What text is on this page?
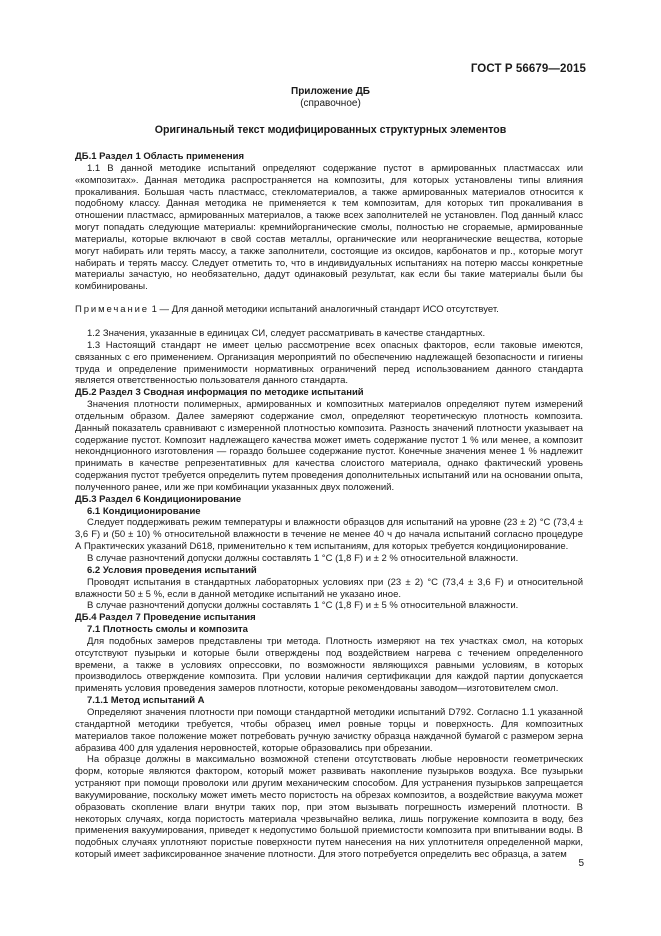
ГОСТ Р 56679—2015
Приложение ДБ
(справочное)
Оригинальный текст модифицированных структурных элементов

ДБ.1 Раздел 1 Область применения

1.1 В данной методике испытаний определяют содержание пустот в армированных пластмассах или «композитах». Данная методика распространяется на композиты, для которых установлены типы влияния прокаливания. Большая часть пластмасс, стекломатериалов, а также армированных материалов относится к подобному классу. Данная методика не применяется к тем композитам, для которых тип прокаливания в отношении пластмасс, армированных материалов, а также всех заполнителей не установлен. Под данный класс могут попадать следующие материалы: кремнийорганические смолы, полностью не сгораемые, армированные материалы, которые включают в свой состав металлы, органические или неорганические вещества, которые могут набирать или терять массу, а также заполнители, состоящие из оксидов, карбонатов и пр., которые могут набирать и терять массу. Следует отметить то, что в индивидуальных испытаниях на потерю массы конкретные материалы зачастую, но необязательно, дадут одинаковый результат, как если бы такие материалы были бы комбинированы.

Примечание 1 — Для данной методики испытаний аналогичный стандарт ИСО отсутствует.

1.2 Значения, указанные в единицах СИ, следует рассматривать в качестве стандартных.

1.3 Настоящий стандарт не имеет целью рассмотрение всех опасных факторов, если таковые имеются, связанных с его применением. Организация мероприятий по обеспечению надлежащей безопасности и гигиены труда и определение применимости нормативных ограничений перед использованием данного стандарта является ответственностью пользователя данного стандарта.

ДБ.2 Раздел 3 Сводная информация по методике испытаний

Значения плотности полимерных, армированных и композитных материалов определяют путем измерений отдельным образом. Далее замеряют содержание смол, определяют теоретическую плотность композита. Данный показатель сравнивают с измеренной плотностью композита. Разность значений плотности указывает на содержание пустот. Композит надлежащего качества может иметь содержание пустот 1 % или менее, а композит неконднционного изготовления — гораздо большее содержание пустот. Конечные значения менее 1 % надлежит принимать в качестве репрезентативных для качества слоистого материала, однако фактический уровень содержания пустот требуется определить путем проведения дополнительных испытаний или на основании опыта, полученного ранее, или же при комбинации указанных двух положений.

ДБ.3 Раздел 6 Кондиционирование

6.1 Кондиционирование

Следует поддерживать режим температуры и влажности образцов для испытаний на уровне (23 ± 2) °С (73,4 ± 3,6 F) и (50 ± 10) % относительной влажности в течение не менее 40 ч до начала испытаний согласно процедуре А Практических указаний D618, применительно к тем испытаниям, для которых требуется кондиционирование.

В случае разночтений допуски должны составлять 1 °С (1,8 F) и ± 2 % относительной влажности.

6.2 Условия проведения испытаний

Проводят испытания в стандартных лабораторных условиях при (23 ± 2) °С (73,4 ± 3,6 F) и относительной влажности 50 ± 5 %, если в данной методике испытаний не указано иное.

В случае разночтений допуски должны составлять 1 °С (1,8 F) и ± 5 % относительной влажности.

ДБ.4 Раздел 7 Проведение испытания

7.1 Плотность смолы и композита

Для подобных замеров представлены три метода. Плотность измеряют на тех участках смол, на которых отсутствуют пузырьки и которые были отверждены под воздействием нагрева с течением определенного времени, а также в условиях опрессовки, по возможности являющихся равными условиям, в которых производилось отверждение композита. При условии наличия сертификации для каждой партии допускается применять условия проведения замеров плотности, которые рекомендованы заводом—изготовителем смол.

7.1.1 Метод испытаний А

Определяют значения плотности при помощи стандартной методики испытаний D792. Согласно 1.1 указанной стандартной методики требуется, чтобы образец имел ровные торцы и поверхность. Для композитных материалов такое положение может потребовать ручную зачистку образца наждачной бумагой с размером зерна абразива 400 для удаления неровностей, которые образовались при обрезании.

На образце должны в максимально возможной степени отсутствовать любые неровности геометрических форм, которые являются фактором, который может развивать накопление пузырьков воздуха. Все пузырьки устраняют при помощи проволоки или другим механическим способом. Для устранения пузырьков запрещается вакуумирование, поскольку может иметь место пористость на обрезах композитов, а воздействие вакуума может образовать скопление влаги внутри таких пор, при этом вызывать погрешность измерений плотности. В некоторых случаях, когда пористость материала чрезвычайно велика, лишь погружение композита в воду, без применения вакуумирования, приведет к недопустимо большой приемистости композита при впитывании воды. В подобных случаях уплотняют пористые поверхности путем нанесения на них уплотнителя определенной марки, который имеет зафиксированное значение плотности. Для этого потребуется определить вес образца, а затем

5
